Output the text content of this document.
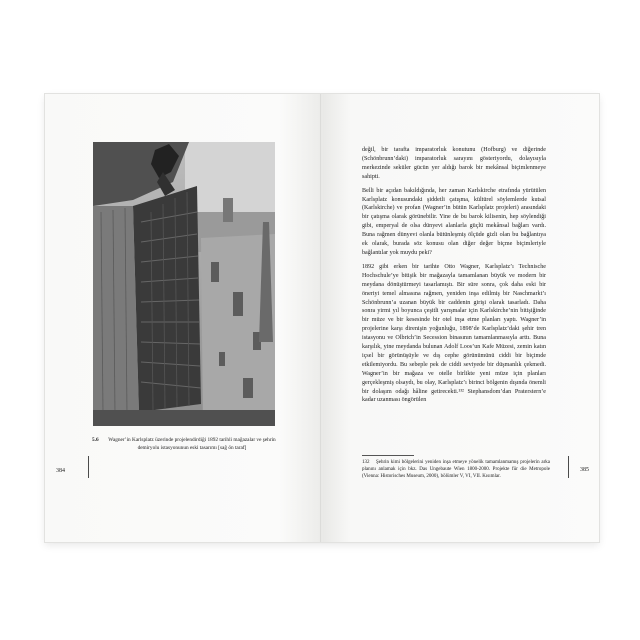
5.6	Wagner’in Karlsplatz üzerinde projelendirdiği 1892 tarihli mağazalar ve şehrin demiryolu istasyonunun eski tasarımı [sağ ön taraf]
384

değil, bir tarafta imparatorluk konutunu (Hofburg) ve diğerinde (Schönbrunn’daki) imparatorluk sarayını gösteriyordu, dolayısıyla merkezinde seküler gücün yer aldığı barok bir mekânsal biçimlenmeye sahipti.

Belli bir açıdan bakıldığında, her zaman Karlskirche etrafında yürütülen Karlsplatz konusundaki şiddetli çatışma, kültürel söylemlerde kutsal (Karlskirche) ve profan (Wagner’in bütün Karlsplatz projeleri) arasındaki bir çatışma olarak görünebilir. Yine de bu barok kilisenin, hep söylendiği gibi, emperyal de olsa dünyevi alanlarla güçlü mekânsal bağları vardı. Buna rağmen dünyevi olanla bütünleşmiş ölçüde gizli olan bu bağlantıya ek olarak, burada söz konusu olan diğer değer biçme biçimleriyle bağlantılar yok muydu peki?

1892 gibi erken bir tarihte Otto Wagner, Karlsplatz’ı Technische Hochschule’ye bitişik bir mağazayla tamamlanan büyük ve modern bir meydana dönüştürmeyi tasarlamıştı. Bir süre sonra, çok daha eski bir öneriyi temel almasına rağmen, yeniden inşa edilmiş bir Naschmarkt’ı Schönbrunn’a uzanan büyük bir caddenin girişi olarak tasarladı. Daha sonra yirmi yıl boyunca çeşitli yarışmalar için Karlskirche’nin bitişiğinde bir müze ve bir kesesinde bir otel inşa etme planları yaptı. Wagner’in projelerine karşı direnişin yoğunluğu, 1898’de Karlsplatz’daki şehir tren istasyonu ve Olbrich’in Secession binasının tamamlanmasıyla arttı. Buna karşılık, yine meydanda bulunan Adolf Loos’un Kafe Müzesi, zemin katın içsel bir görünüşüyle ve dış cephe görünümünü ciddi bir biçimde etkilemiyordu. Bu sebeple pek de ciddi seviyede bir düşmanlık çekmedi. Wagner’in bir mağaza ve otelle birlikte yeni müze için planları gerçekleşmiş olsaydı, bu olay, Karlsplatz’ı birinci bölgenin dışında önemli bir dolaşım odağı hâline getirecekti.¹³² Stephansdom’dan Praterstern’e kadar uzanması öngörülen

132 Şehrin kimi bölgelerini yeniden inşa etmeye yönelik tamamlanmamış projelerin arka planını anlamak için bkz. Das Ungebaute Wien 1800-2000. Projekte für die Metropole (Vienna: Historisches Museum, 2000), bölümler V, VI, VII. Kısımlar.
385
